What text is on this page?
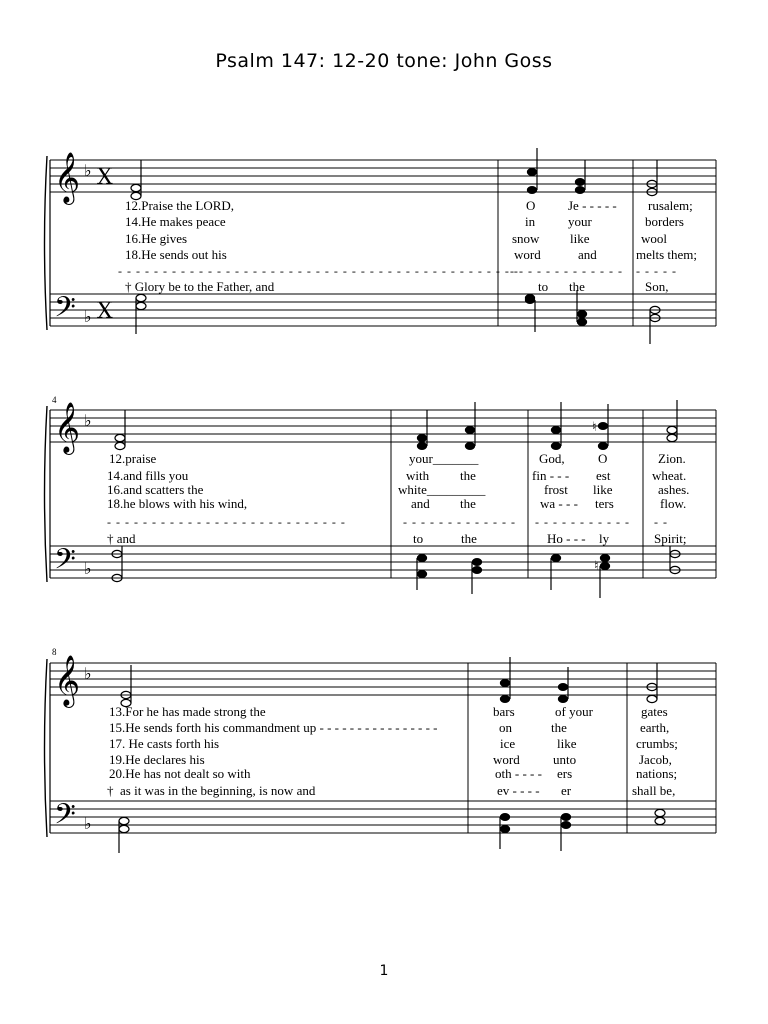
Psalm 147: 12-20 tone: John Goss
𝄞
𝄞
𝄞
𝄢
𝄢
𝄢
♭
♭
♭
♭
♭
♭
X
X
♮
♮
4
8
12.Praise the LORD,
14.He makes peace
16.He gives
18.He sends out his
- - - - - - - - - - - - - - - - - - - - - - - - - - - - - - - - - - - - - - - - - - - - -
† Glory be to the Father, and
O
in
snow
word
Je - - - - -
your
like
and
- - - - - - - - - - - - -
to the
rusalem;
borders
wool
melts them;
- - - - -
Son,
12.praise
14.and fills you
16.and scatters the
18.he blows with his wind,
- - - - - - - - - - - - - - - - - - - - - - - - - - -
† and
your_______
with
white_________
and
the
the
- - - - - - - - - - - - -
to	the
God,
fin - - -
frost
wa - - -
O
est
like
ters
- - - - - - - - - - -
Ho - - - ly
Zion.
wheat.
ashes.
flow.
- -
Spirit;
13.For he has made strong the
15.He sends forth his commandment up - - - - - - - - - - - - - - - -
17. He casts forth his
19.He declares his
20.He has not dealt so with
†  as it was in the beginning, is now and
bars
on
ice
word
oth - - - -
of your
the
like
unto
ers
ev - - - - er
gates
earth,
crumbs;
Jacob,
nations;
shall be,
1
